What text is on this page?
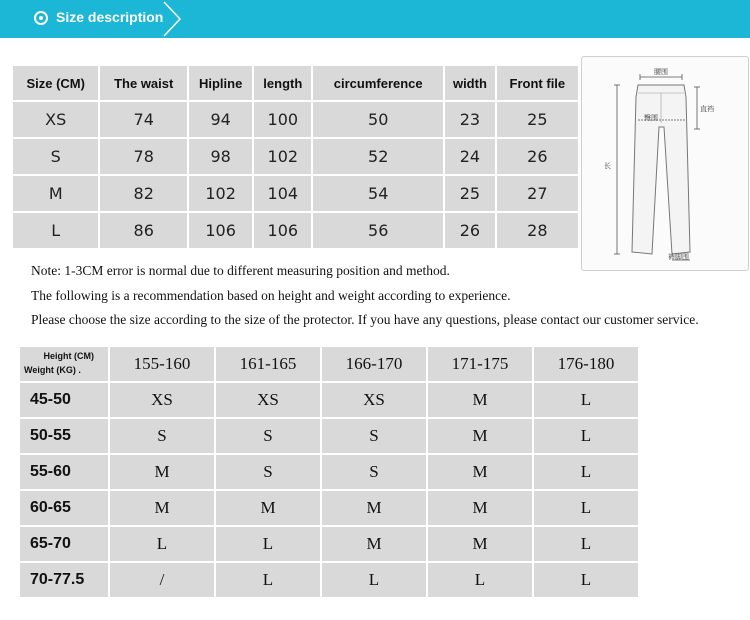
Size description
Size (CM)	The waist	Hipline	length	circumference	width	Front file
XS	74	94	100	50	23	25
S	78	98	102	52	24	26
M	82	102	104	54	25	27
L	86	106	106	56	26	28
腰围
臀围
直裆
长
裤脚围
Note: 1-3CM error is normal due to different measuring position and method.
The following is a recommendation based on height and weight according to experience.
Please choose the size according to the size of the protector. If you have any questions, please contact our customer service.
Height (CM)
Weight (KG) .	155-160	161-165	166-170	171-175	176-180
45-50	XS	XS	XS	M	L
50-55	S	S	S	M	L
55-60	M	S	S	M	L
60-65	M	M	M	M	L
65-70	L	L	M	M	L
70-77.5	/	L	L	L	L
